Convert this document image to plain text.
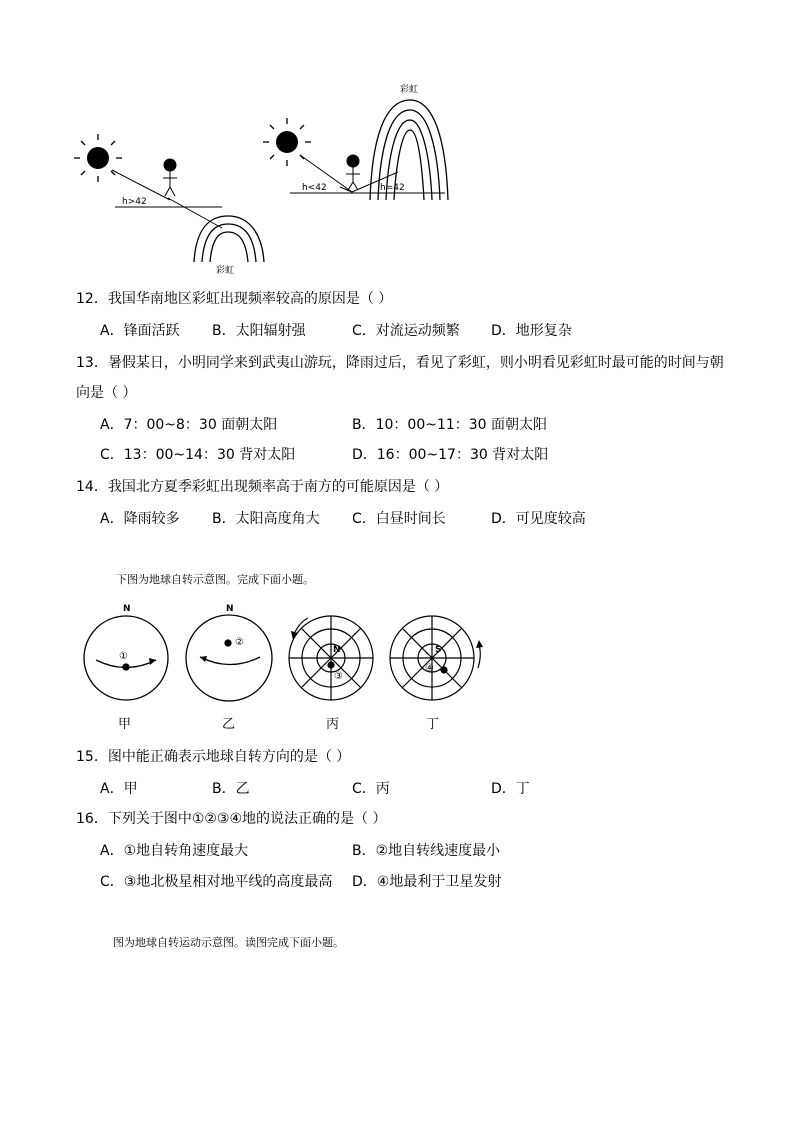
h>42
彩虹
彩虹
h<42	h=42
12．我国华南地区彩虹出现频率较高的原因是（ ）
A．锋面活跃 B．太阳辐射强	C．对流运动频繁 D．地形复杂
13．暑假某日，小明同学来到武夷山游玩，降雨过后，看见了彩虹，则小明看见彩虹时最可能的时间与朝
向是（ ）
A．7：00~8：30 面朝太阳	B．10：00~11：30 面朝太阳
C．13：00~14：30 背对太阳	D．16：00~17：30 背对太阳
14．我国北方夏季彩虹出现频率高于南方的可能原因是（ ）
A．降雨较多 B．太阳高度角大 C．白昼时间长	D．可见度较高
下图为地球自转示意图。完成下面小题。
N
①
甲
N
②
乙
N
③
丙
S
④
丁
15．图中能正确表示地球自转方向的是（ ）
A．甲	B．乙	C．丙	D．丁
16．下列关于图中①②③④地的说法正确的是（ ）
A．①地自转角速度最大	B．②地自转线速度最小
C．③地北极星相对地平线的高度最高 D．④地最利于卫星发射
图为地球自转运动示意图。读图完成下面小题。
